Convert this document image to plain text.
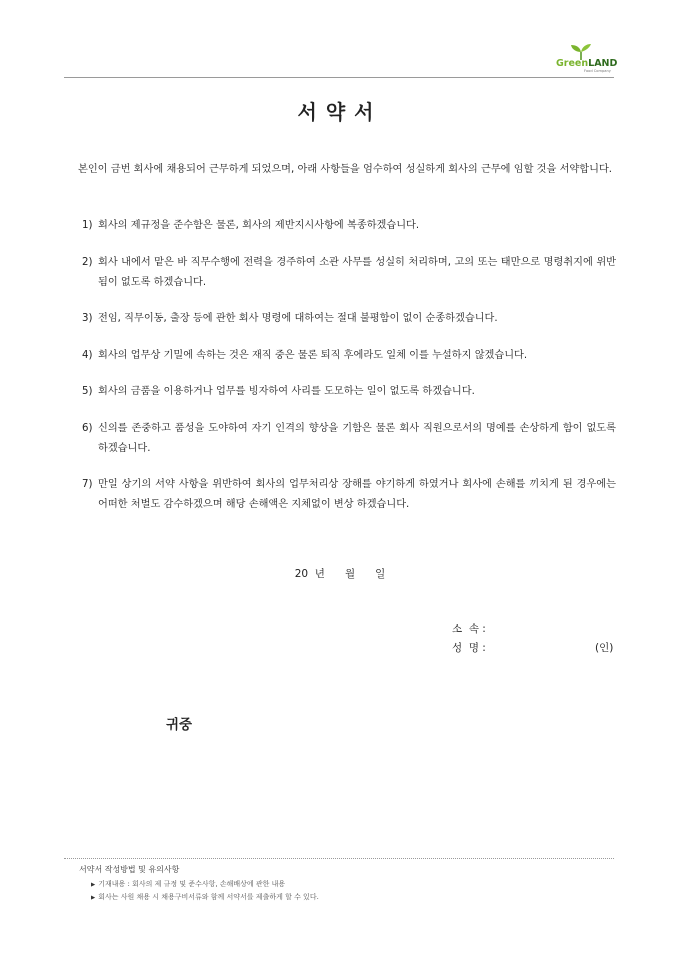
GreenLAND
Food Company
서약서

본인이 금번 회사에 채용되어 근무하게 되었으며, 아래 사항들을 엄수하여 성실하게 회사의 근무에 임할 것을 서약합니다.

1) 회사의 제규정을 준수함은 물론, 회사의 제반지시사항에 복종하겠습니다.
2) 회사 내에서 맡은 바 직무수행에 전력을 경주하여 소관 사무를 성실히 처리하며, 고의 또는 태만으로 명령취지에 위반됨이 없도록 하겠습니다.
3) 전임, 직무이동, 출장 등에 관한 회사 명령에 대하여는 절대 불평함이 없이 순종하겠습니다.
4) 회사의 업무상 기밀에 속하는 것은 재직 중은 물론 퇴직 후에라도 일체 이를 누설하지 않겠습니다.
5) 회사의 금품을 이용하거나 업무를 빙자하여 사리를 도모하는 일이 없도록 하겠습니다.
6) 신의를 존중하고 품성을 도야하여 자기 인격의 향상을 기함은 물론 회사 직원으로서의 명예를 손상하게 함이 없도록 하겠습니다.
7) 만일 상기의 서약 사항을 위반하여 회사의 업무처리상 장해를 야기하게 하였거나 회사에 손해를 끼치게 된 경우에는 어떠한 처벌도 감수하겠으며 해당 손해액은 지체없이 변상 하겠습니다.
20  년      월      일
소  속 :
성  명 :	(인)
귀중
서약서 작성방법 및 유의사항
▶ 기재내용 : 회사의 제 규정 및 준수사항, 손해배상에 관한 내용
▶ 회사는 사원 채용 시 채용구비서류와 함께 서약서를 제출하게 할 수 있다.
